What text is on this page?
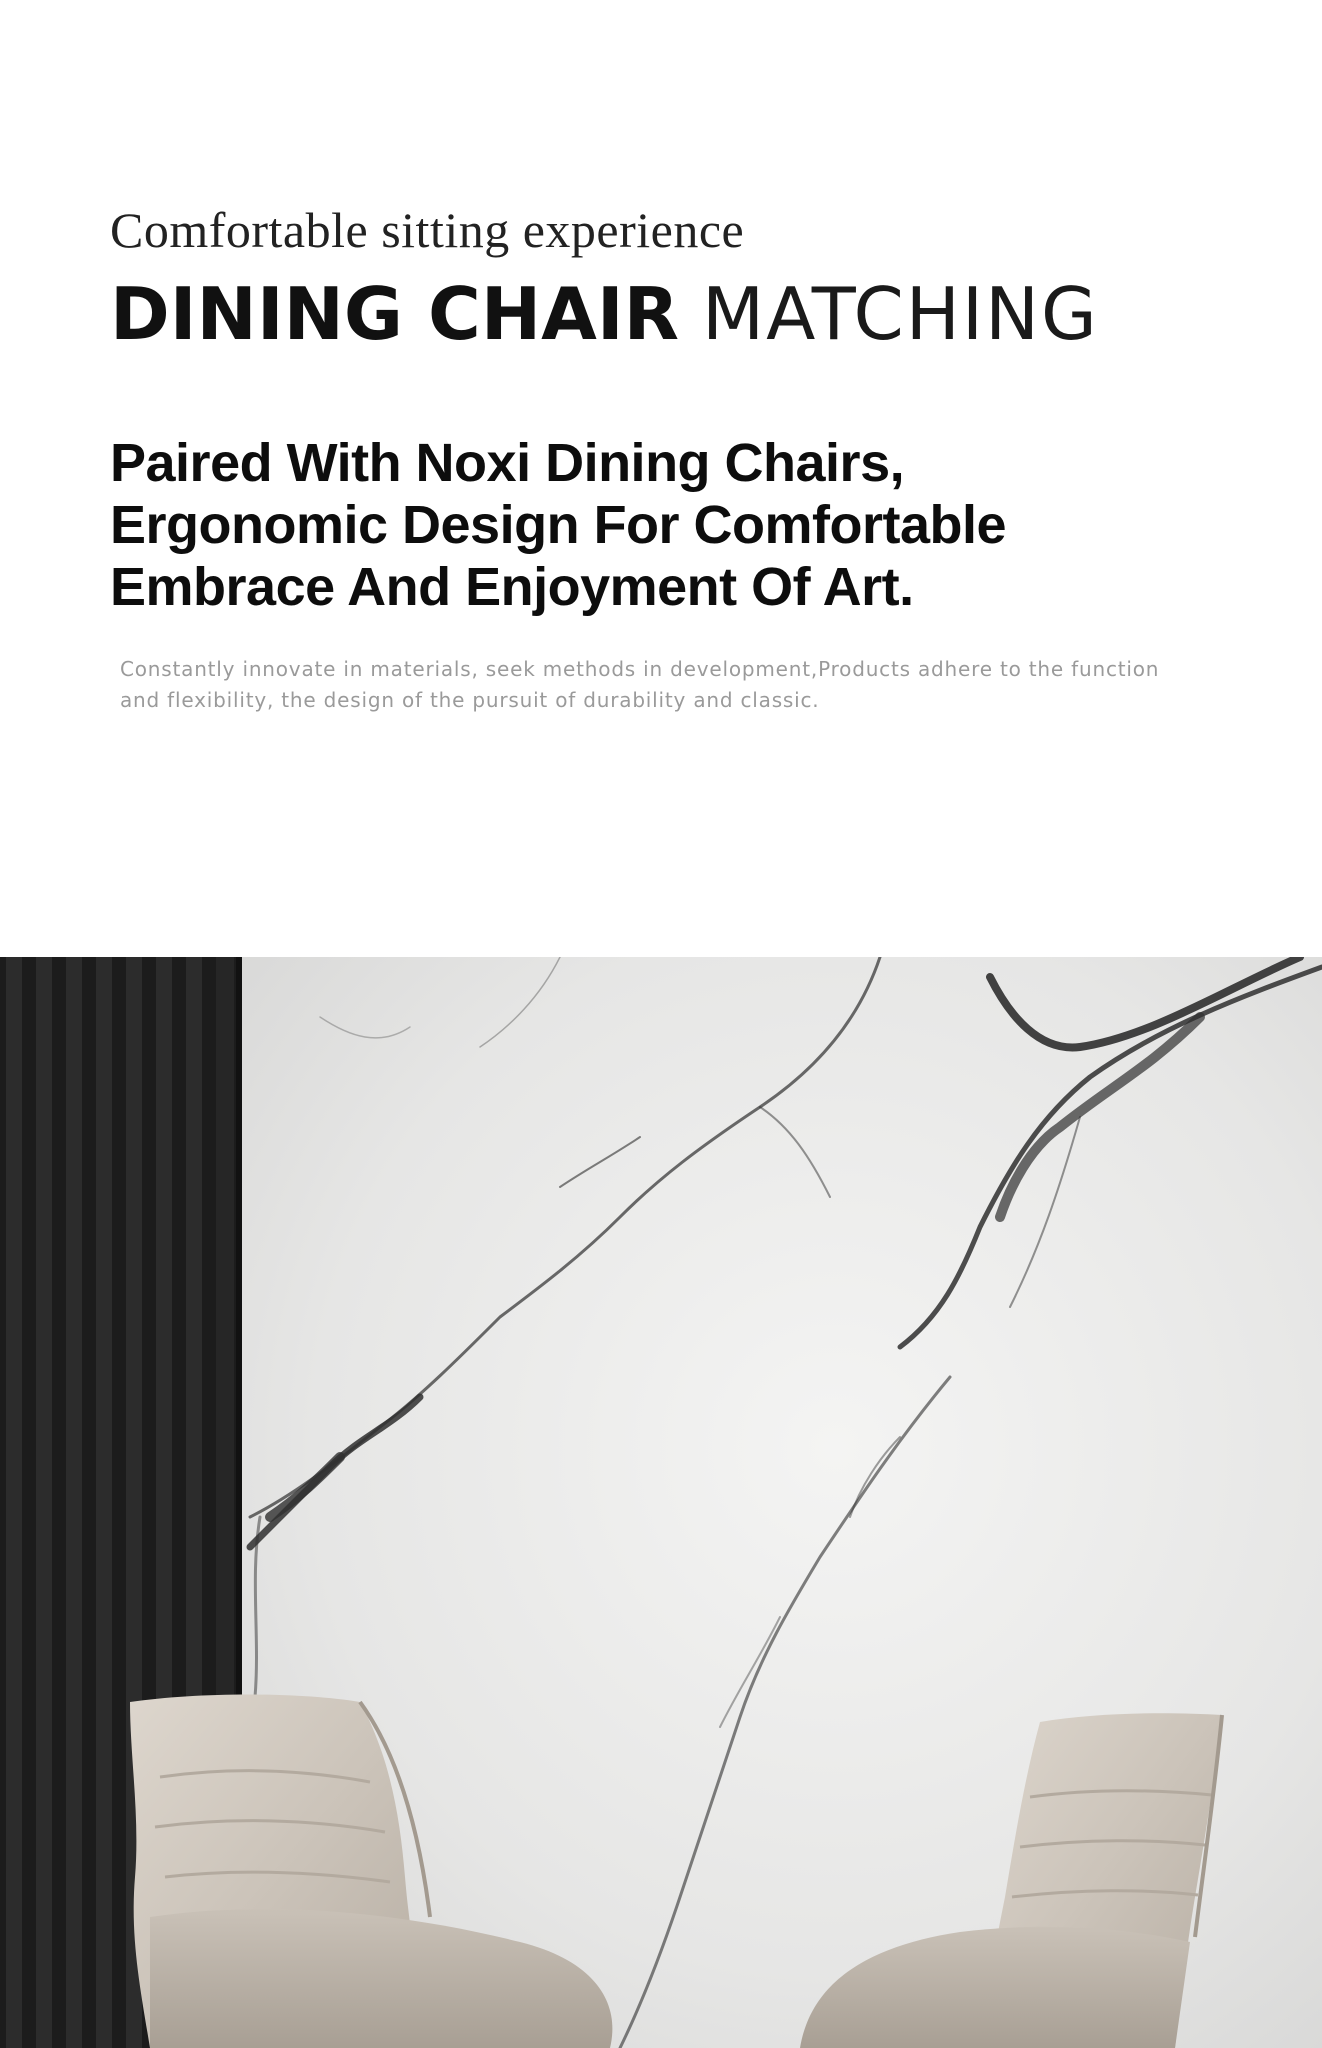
Comfortable sitting experience

DINING CHAIR MATCHING
Paired With Noxi Dining Chairs,
Ergonomic Design For Comfortable
Embrace And Enjoyment Of Art.

Constantly innovate in materials, seek methods in development,Products adhere to the function
and flexibility, the design of the pursuit of durability and classic.
